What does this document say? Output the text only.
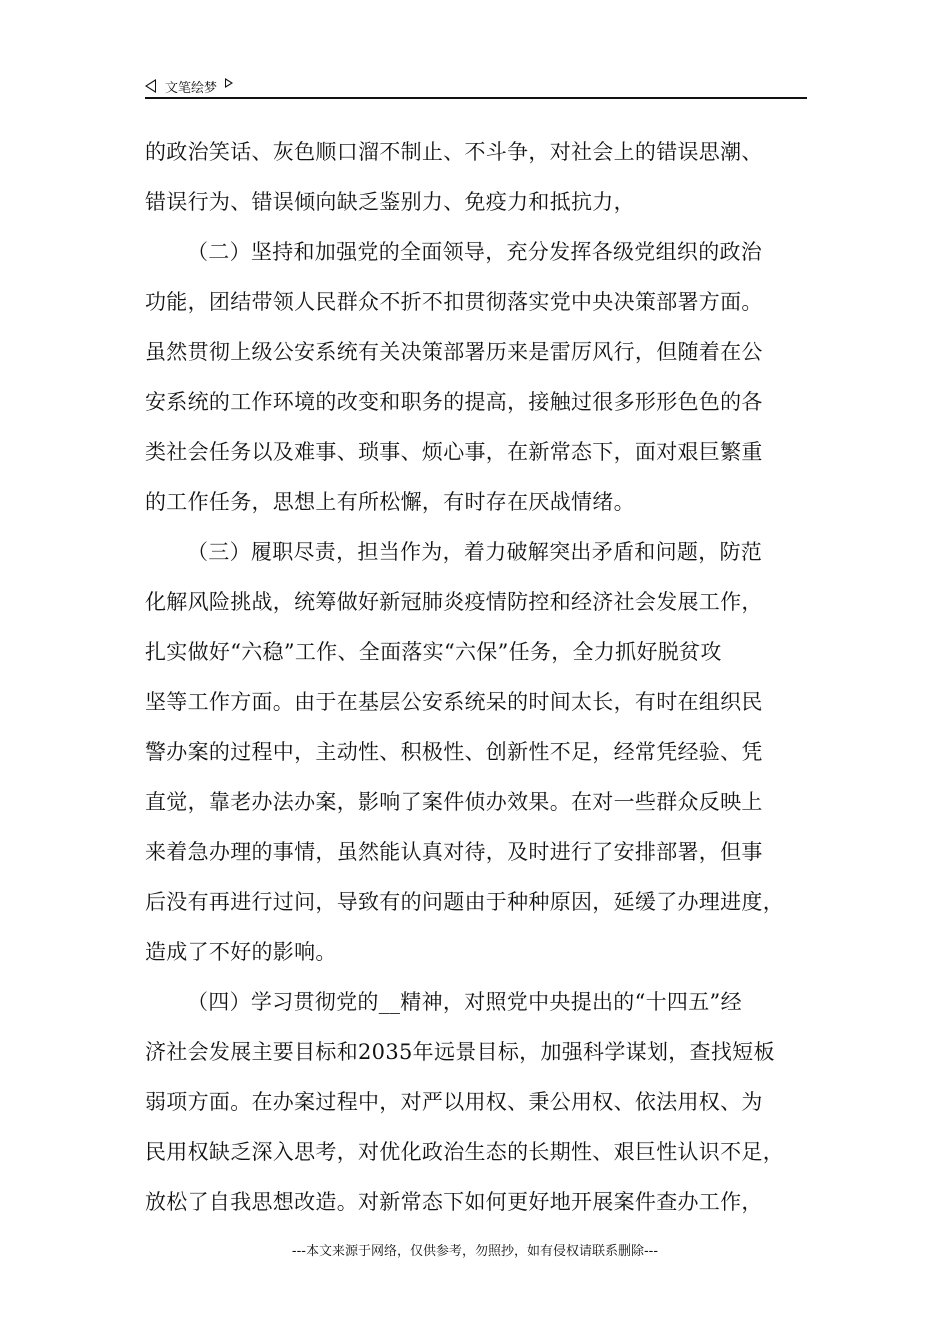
文笔绘梦
的政治笑话、灰色顺口溜不制止、不斗争，对社会上的错误思潮、
错误行为、错误倾向缺乏鉴别力、免疫力和抵抗力，
（二）坚持和加强党的全面领导，充分发挥各级党组织的政治
功能，团结带领人民群众不折不扣贯彻落实党中央决策部署方面。
虽然贯彻上级公安系统有关决策部署历来是雷厉风行，但随着在公
安系统的工作环境的改变和职务的提高，接触过很多形形色色的各
类社会任务以及难事、琐事、烦心事，在新常态下，面对艰巨繁重
的工作任务，思想上有所松懈，有时存在厌战情绪。
（三）履职尽责，担当作为，着力破解突出矛盾和问题，防范
化解风险挑战，统筹做好新冠肺炎疫情防控和经济社会发展工作，
扎实做好“六稳”工作、全面落实“六保”任务，全力抓好脱贫攻
坚等工作方面。由于在基层公安系统呆的时间太长，有时在组织民
警办案的过程中，主动性、积极性、创新性不足，经常凭经验、凭
直觉，靠老办法办案，影响了案件侦办效果。在对一些群众反映上
来着急办理的事情，虽然能认真对待，及时进行了安排部署，但事
后没有再进行过问，导致有的问题由于种种原因，延缓了办理进度，
造成了不好的影响。
（四）学习贯彻党的__精神，对照党中央提出的“十四五”经
济社会发展主要目标和2035年远景目标，加强科学谋划，查找短板
弱项方面。在办案过程中，对严以用权、秉公用权、依法用权、为
民用权缺乏深入思考，对优化政治生态的长期性、艰巨性认识不足，
放松了自我思想改造。对新常态下如何更好地开展案件查办工作，
---本文来源于网络，仅供参考，勿照抄，如有侵权请联系删除---
